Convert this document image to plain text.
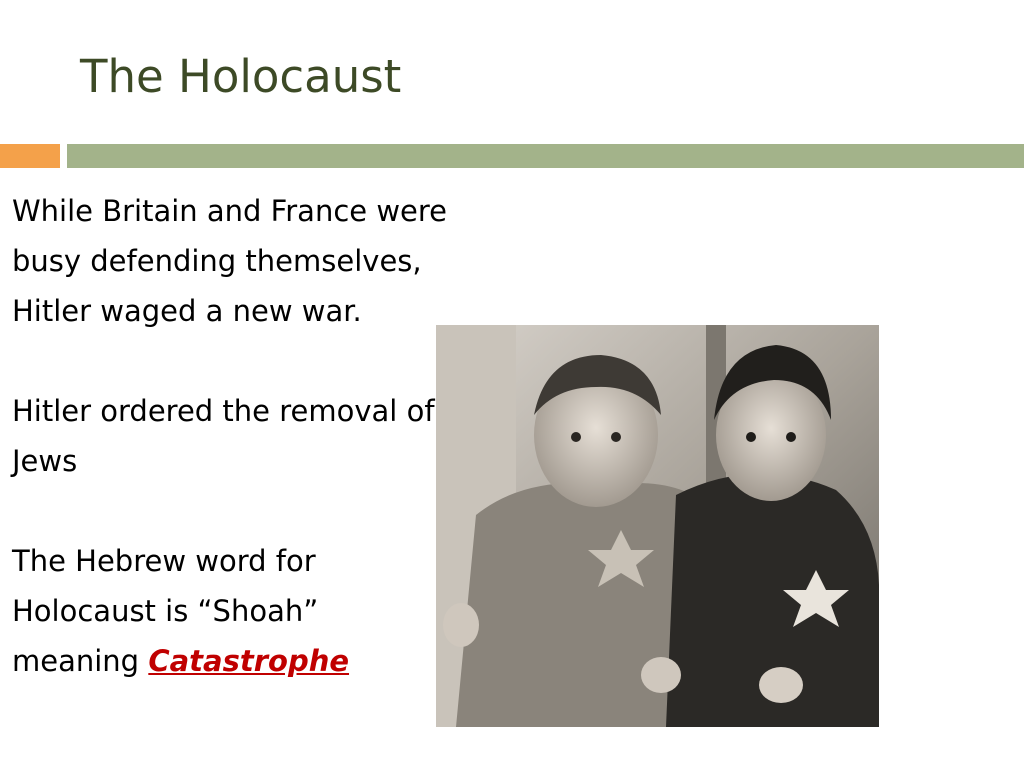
The Holocaust

While Britain and France were busy defending themselves, Hitler waged a new war.

Hitler ordered the removal of Jews

The Hebrew word for Holocaust is “Shoah” meaning Catastrophe
